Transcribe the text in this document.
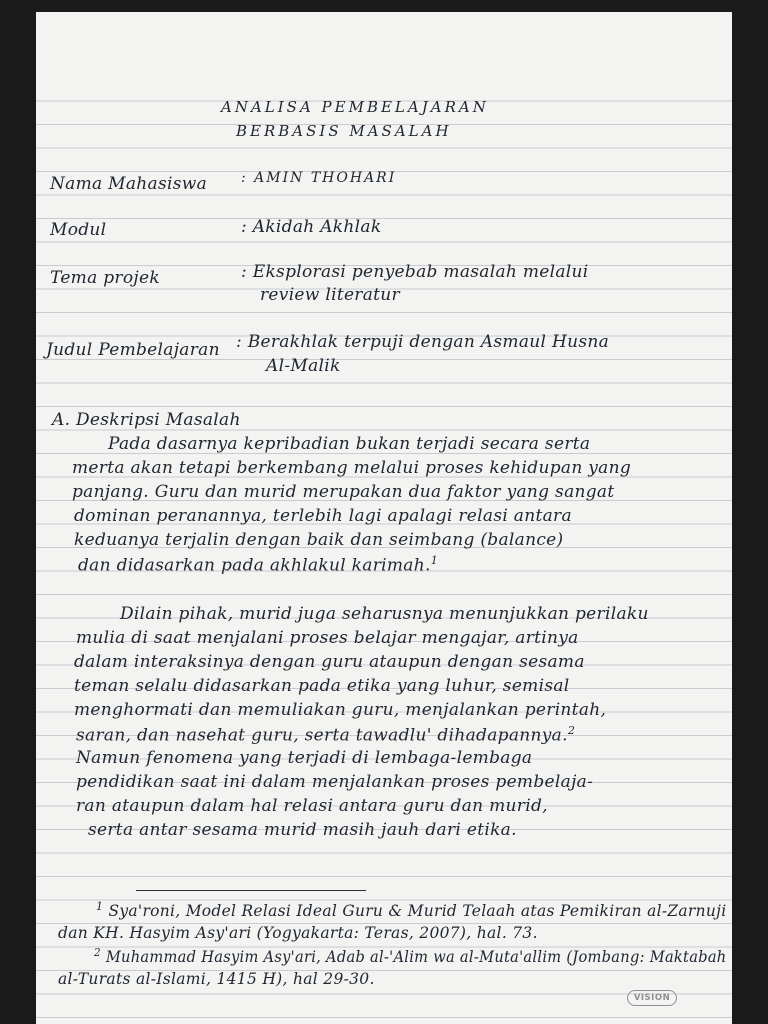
ANALISA PEMBELAJARAN
BERBASIS MASALAH
Nama Mahasiswa : AMIN THOHARI
Modul	: Akidah Akhlak
Tema projek	: Eksplorasi penyebab masalah melalui
review literatur
Judul Pembelajaran : Berakhlak terpuji dengan Asmaul Husna
Al-Malik
A. Deskripsi Masalah
Pada dasarnya kepribadian bukan terjadi secara serta
merta akan tetapi berkembang melalui proses kehidupan yang
panjang. Guru dan murid merupakan dua faktor yang sangat
dominan peranannya, terlebih lagi apalagi relasi antara
keduanya terjalin dengan baik dan seimbang (balance)
dan didasarkan pada akhlakul karimah.$^1$
Dilain pihak, murid juga seharusnya menunjukkan perilaku
mulia di saat menjalani proses belajar mengajar, artinya
dalam interaksinya dengan guru ataupun dengan sesama
teman selalu didasarkan pada etika yang luhur, semisal
menghormati dan memuliakan guru, menjalankan perintah,
saran, dan nasehat guru, serta tawadlu' dihadapannya.$^2$
Namun fenomena yang terjadi di lembaga-lembaga
pendidikan saat ini dalam menjalankan proses pembelaja-
ran ataupun dalam hal relasi antara guru dan murid,
serta antar sesama murid masih jauh dari etika.
$^1$ Sya'roni, Model Relasi Ideal Guru & Murid Telaah atas Pemikiran al-Zarnuji
dan KH. Hasyim Asy'ari (Yogyakarta: Teras, 2007), hal. 73.
$^2$ Muhammad Hasyim Asy'ari, Adab al-'Alim wa al-Muta'allim (Jombang: Maktabah
al-Turats al-Islami, 1415 H), hal 29-30.
VISION
